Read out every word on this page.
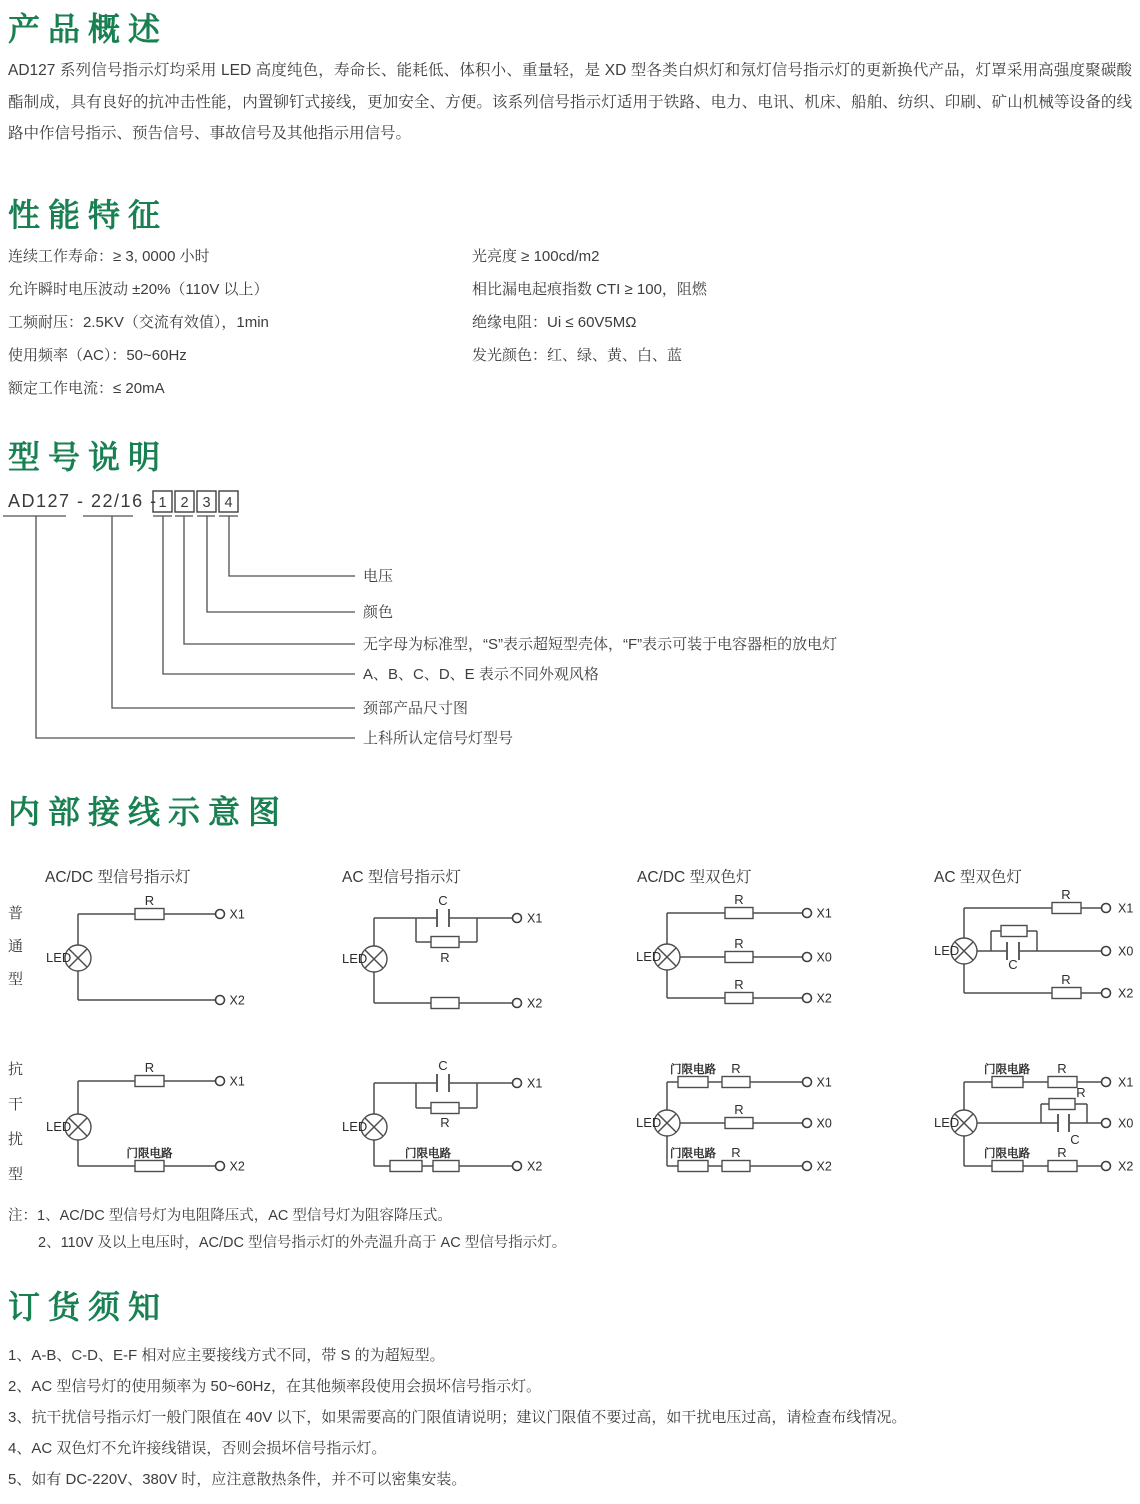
产品概述
AD127 系列信号指示灯均采用 LED 高度纯色，寿命长、能耗低、体积小、重量轻，是 XD 型各类白炽灯和氖灯信号指示灯的更新换代产品，灯罩采用高强度聚碳酸酯制成，具有良好的抗冲击性能，内置铆钉式接线，更加安全、方便。该系列信号指示灯适用于铁路、电力、电讯、机床、船舶、纺织、印刷、矿山机械等设备的线路中作信号指示、预告信号、事故信号及其他指示用信号。
性能特征
连续工作寿命：≥ 3, 0000 小时
允许瞬时电压波动 ±20%（110V 以上）
工频耐压：2.5KV（交流有效值），1min
使用频率（AC）：50~60Hz
额定工作电流：≤ 20mA
光亮度 ≥ 100cd/m2
相比漏电起痕指数 CTI ≥ 100，阻燃
绝缘电阻：Ui ≤ 60V5MΩ
发光颜色：红、绿、黄、白、蓝
型号说明
AD127 - 22/16 - 1 2 3 4
电压
颜色
无字母为标准型，“S”表示超短型壳体，“F”表示可装于电容器柜的放电灯
A、B、C、D、E 表示不同外观风格
颈部产品尺寸图
上科所认定信号灯型号
内部接线示意图
普通型
抗干扰型
AC/DC 型信号指示灯	AC 型信号指示灯	AC/DC 型双色灯	AC 型双色灯
LED
R
X1
X2
LED
C
R
X1
X2
LED
R
R
R
X1
X0
X2
LED
R
C
R
X1
X0
X2
LED
R
门限电路
X1
X2
LED
C
R
门限电路
X1
X2
LED
门限电路 R
R
门限电路 R
X1
X0
X2
LED
门限电路 R
R
C
门限电路 R
X1
X0
X2
注：1、AC/DC 型信号灯为电阻降压式，AC 型信号灯为阻容降压式。
2、110V 及以上电压时，AC/DC 型信号指示灯的外壳温升高于 AC 型信号指示灯。
订货须知
1、A-B、C-D、E-F 相对应主要接线方式不同，带 S 的为超短型。
2、AC 型信号灯的使用频率为 50~60Hz，在其他频率段使用会损坏信号指示灯。
3、抗干扰信号指示灯一般门限值在 40V 以下，如果需要高的门限值请说明；建议门限值不要过高，如干扰电压过高，请检查布线情况。
4、AC 双色灯不允许接线错误，否则会损坏信号指示灯。
5、如有 DC-220V、380V 时，应注意散热条件，并不可以密集安装。
